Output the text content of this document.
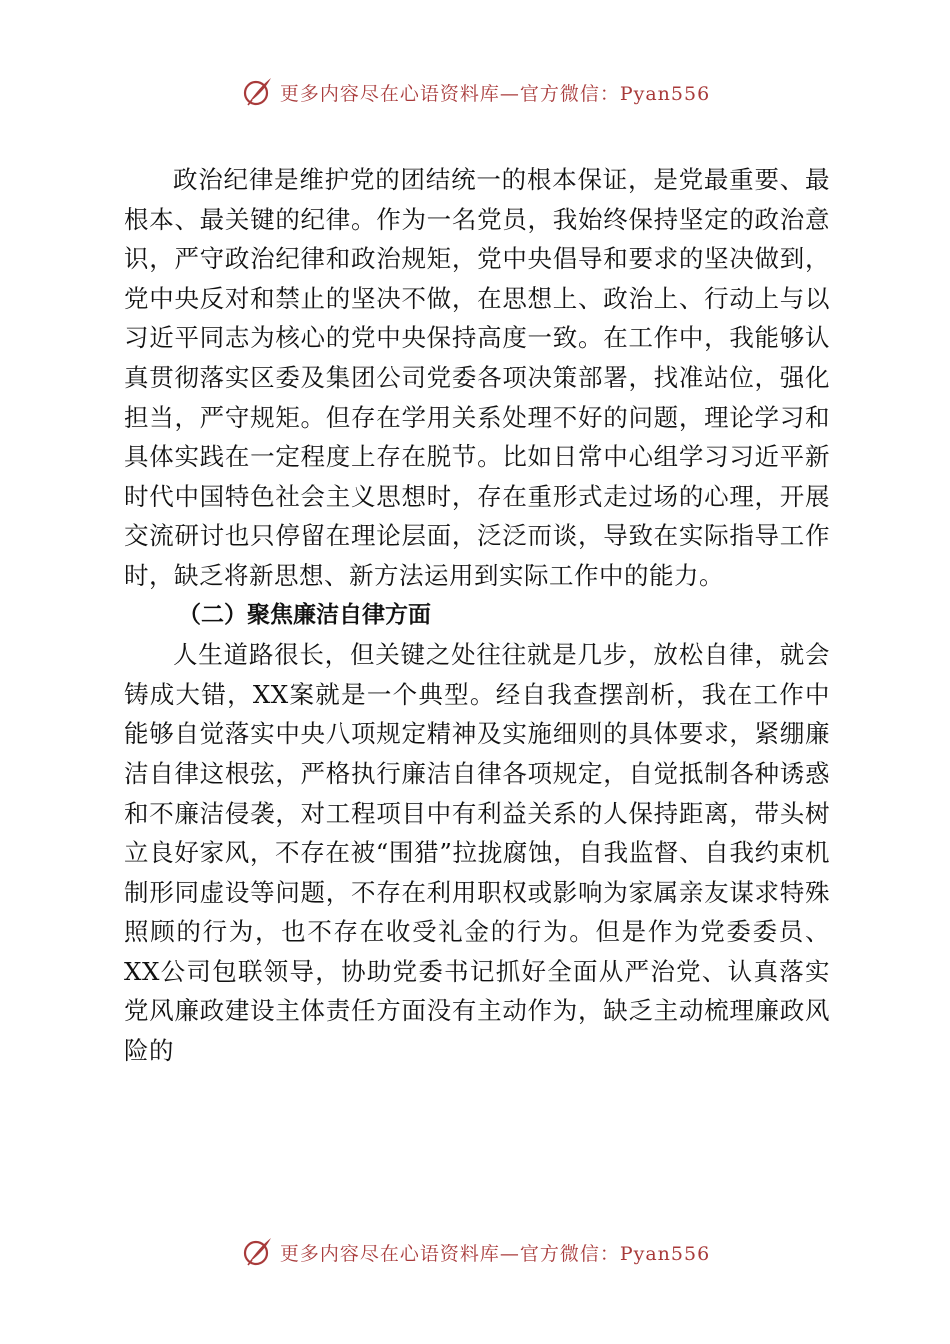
更多内容尽在心语资料库—官方微信：Pyan556

政治纪律是维护党的团结统一的根本保证，是党最重要、最根本、最关键的纪律。作为一名党员，我始终保持坚定的政治意识，严守政治纪律和政治规矩，党中央倡导和要求的坚决做到，党中央反对和禁止的坚决不做，在思想上、政治上、行动上与以习近平同志为核心的党中央保持高度一致。在工作中，我能够认真贯彻落实区委及集团公司党委各项决策部署，找准站位，强化担当，严守规矩。但存在学用关系处理不好的问题，理论学习和具体实践在一定程度上存在脱节。比如日常中心组学习习近平新时代中国特色社会主义思想时，存在重形式走过场的心理，开展交流研讨也只停留在理论层面，泛泛而谈，导致在实际指导工作时，缺乏将新思想、新方法运用到实际工作中的能力。

（二）聚焦廉洁自律方面

人生道路很长，但关键之处往往就是几步，放松自律，就会铸成大错，XX案就是一个典型。经自我查摆剖析，我在工作中能够自觉落实中央八项规定精神及实施细则的具体要求，紧绷廉洁自律这根弦，严格执行廉洁自律各项规定，自觉抵制各种诱惑和不廉洁侵袭，对工程项目中有利益关系的人保持距离，带头树立良好家风，不存在被“围猎”拉拢腐蚀，自我监督、自我约束机制形同虚设等问题，不存在利用职权或影响为家属亲友谋求特殊照顾的行为，也不存在收受礼金的行为。但是作为党委委员、XX公司包联领导，协助党委书记抓好全面从严治党、认真落实党风廉政建设主体责任方面没有主动作为，缺乏主动梳理廉政风险的

更多内容尽在心语资料库—官方微信：Pyan556
